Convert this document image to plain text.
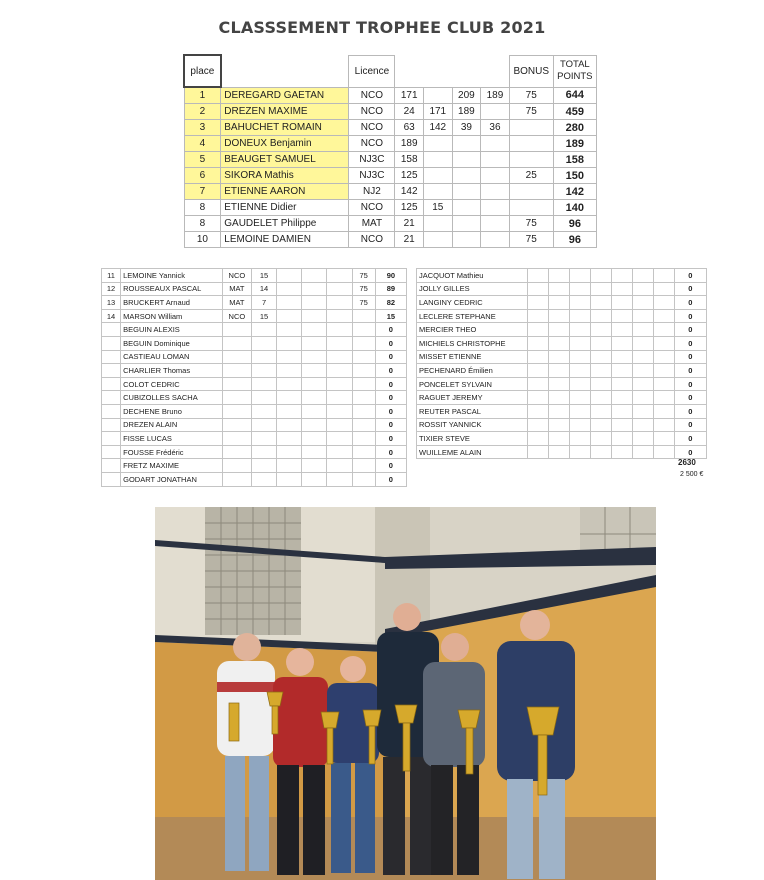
CLASSSEMENT TROPHEE CLUB 2021
place		Licence					BONUS	TOTAL
POINTS
1	DEREGARD GAETAN	NCO	171		209	189	75	644
2	DREZEN MAXIME	NCO	24	171	189		75	459
3	BAHUCHET ROMAIN	NCO	63	142	39	36		280
4	DONEUX Benjamin	NCO	189					189
5	BEAUGET SAMUEL	NJ3C	158					158
6	SIKORA Mathis	NJ3C	125				25	150
7	ETIENNE AARON	NJ2	142					142
8	ETIENNE Didier	NCO	125	15				140
8	GAUDELET Philippe	MAT	21				75	96
10	LEMOINE DAMIEN	NCO	21				75	96
11	LEMOINE Yannick	NCO	15				75	90
12	ROUSSEAUX PASCAL	MAT	14				75	89
13	BRUCKERT Arnaud	MAT	7				75	82
14	MARSON William	NCO	15					15
	BEGUIN ALEXIS							0
	BEGUIN Dominique							0
	CASTIEAU LOMAN							0
	CHARLIER Thomas							0
	COLOT CEDRIC							0
	CUBIZOLLES SACHA							0
	DECHENE Bruno							0
	DREZEN ALAIN							0
	FISSE LUCAS							0
	FOUSSE Frédéric							0
	FRETZ MAXIME							0
	GODART JONATHAN							0
JACQUOT Mathieu								0
JOLLY GILLES								0
LANGINY CEDRIC								0
LECLERE STEPHANE								0
MERCIER THEO								0
MICHIELS CHRISTOPHE								0
MISSET ETIENNE								0
PECHENARD Émilien								0
PONCELET SYLVAIN								0
RAGUET JEREMY								0
REUTER PASCAL								0
ROSSIT YANNICK								0
TIXIER STEVE								0
WUILLEME ALAIN								0
2630
2 500 €
